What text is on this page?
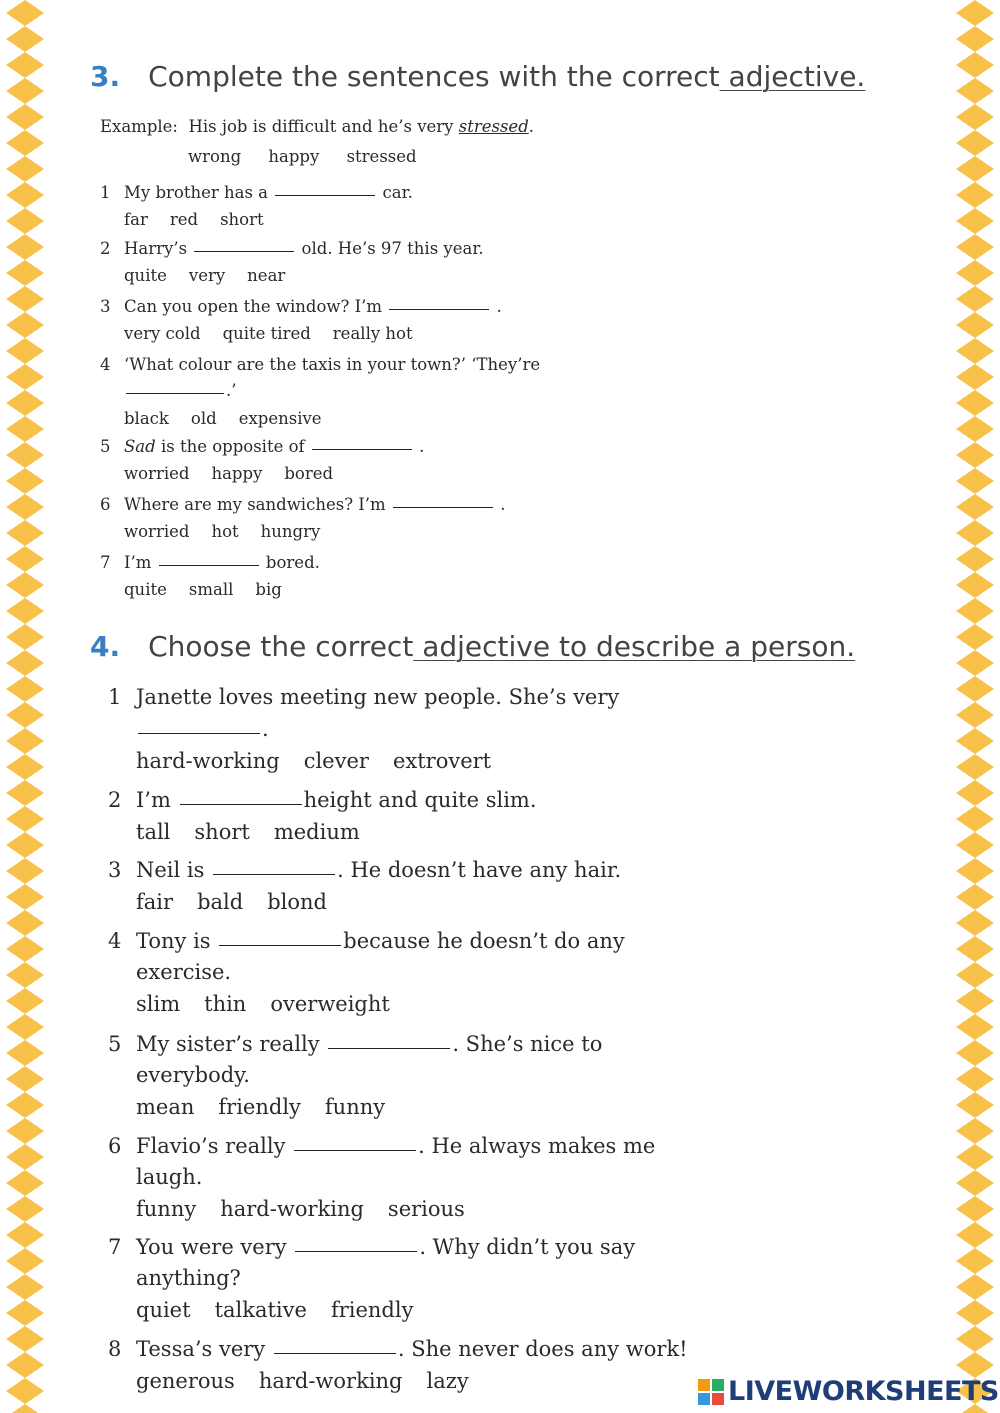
3. Complete the sentences with the correct adjective.
Example: His job is difficult and he’s very stressed.
wrong happy stressed
1 My brother has a	car.
far red short
2 Harry’s	old. He’s 97 this year.
quite very near
3 Can you open the window? I’m	.
very cold quite tired really hot
4 ‘What colour are the taxis in your town?’ ‘They’re
.’
black old expensive
5 Sad is the opposite of	.
worried happy bored
6 Where are my sandwiches? I’m	.
worried hot hungry
7 I’m	bored.
quite small big
4. Choose the correct adjective to describe a person.
1 Janette loves meeting new people. She’s very
.
hard-working clever extrovert
2 I’m	height and quite slim.
tall short medium
3 Neil is	. He doesn’t have any hair.
fair bald blond
4 Tony is	because he doesn’t do any
exercise.
slim thin overweight
5 My sister’s really	. She’s nice to
everybody.
mean friendly funny
6 Flavio’s really	. He always makes me
laugh.
funny hard-working serious
7 You were very	. Why didn’t you say
anything?
quiet talkative friendly
8 Tessa’s very	. She never does any work!
generous hard-working lazy	LIVEWORKSHEETS
